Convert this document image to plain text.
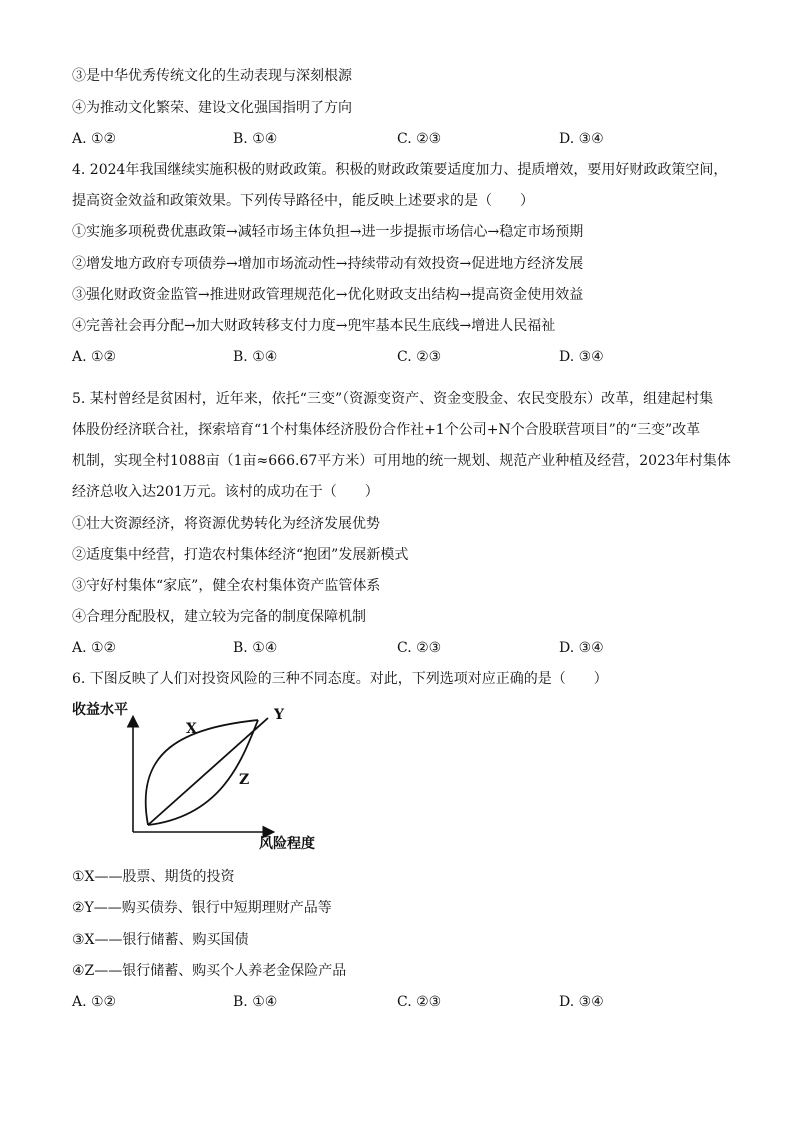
③是中华优秀传统文化的生动表现与深刻根源
④为推动文化繁荣、建设文化强国指明了方向
A. ①②	B. ①④	C. ②③	D. ③④
4. 2024年我国继续实施积极的财政政策。积极的财政政策要适度加力、提质增效，要用好财政政策空间，
提高资金效益和政策效果。下列传导路径中，能反映上述要求的是（　　）
①实施多项税费优惠政策→减轻市场主体负担→进一步提振市场信心→稳定市场预期
②增发地方政府专项债券→增加市场流动性→持续带动有效投资→促进地方经济发展
③强化财政资金监管→推进财政管理规范化→优化财政支出结构→提高资金使用效益
④完善社会再分配→加大财政转移支付力度→兜牢基本民生底线→增进人民福祉
A. ①②	B. ①④	C. ②③	D. ③④
5. 某村曾经是贫困村，近年来，依托“三变”（资源变资产、资金变股金、农民变股东）改革，组建起村集
体股份经济联合社，探索培育“1个村集体经济股份合作社+1个公司+N个合股联营项目”的“三变”改革
机制，实现全村1088亩（1亩≈666.67平方米）可用地的统一规划、规范产业种植及经营，2023年村集体
经济总收入达201万元。该村的成功在于（　　）
①壮大资源经济，将资源优势转化为经济发展优势
②适度集中经营，打造农村集体经济“抱团”发展新模式
③守好村集体“家底”，健全农村集体资产监管体系
④合理分配股权，建立较为完备的制度保障机制
A. ①②	B. ①④	C. ②③	D. ③④
6. 下图反映了人们对投资风险的三种不同态度。对此，下列选项对应正确的是（　　）
收益水平
风险程度
X
Y
Z
①X——股票、期货的投资
②Y——购买债券、银行中短期理财产品等
③X——银行储蓄、购买国债
④Z——银行储蓄、购买个人养老金保险产品
A. ①②	B. ①④	C. ②③	D. ③④
